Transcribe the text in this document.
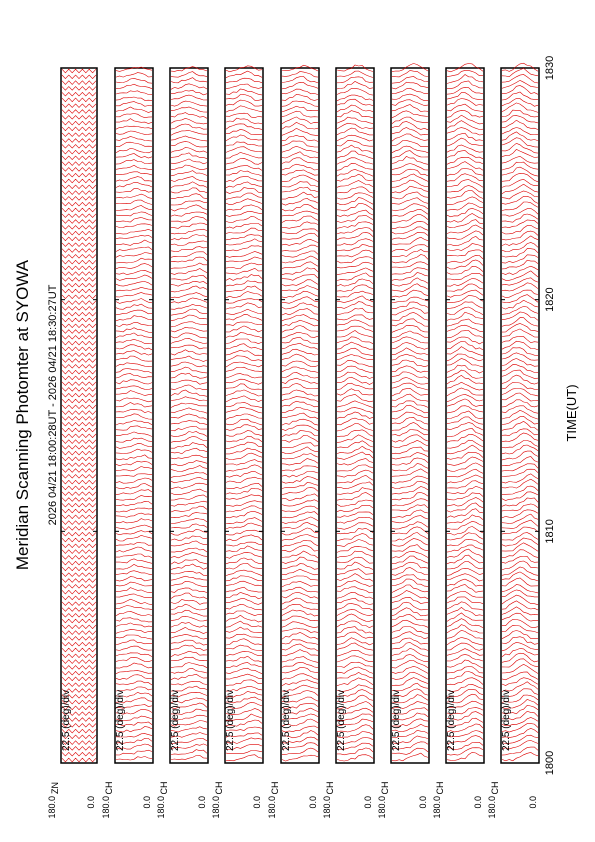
Meridian Scanning Photomter at SYOWA 2026 04/21 18:00:28UT - 2026 04/21 18:30:27UT	TIME(UT)
22.5 (deg)/div
ZN
180.0	0.0
22.5 (deg)/div
CH
180.0	0.0
22.5 (deg)/div
CH
180.0	0.0
22.5 (deg)/div
CH
180.0	0.0
22.5 (deg)/div
CH
180.0	0.0
22.5 (deg)/div
CH
180.0	0.0
22.5 (deg)/div
CH
180.0	0.0
22.5 (deg)/div
CH
180.0	0.0
22.5 (deg)/div
CH
180.0	0.0
1800
1810
1820
1830
